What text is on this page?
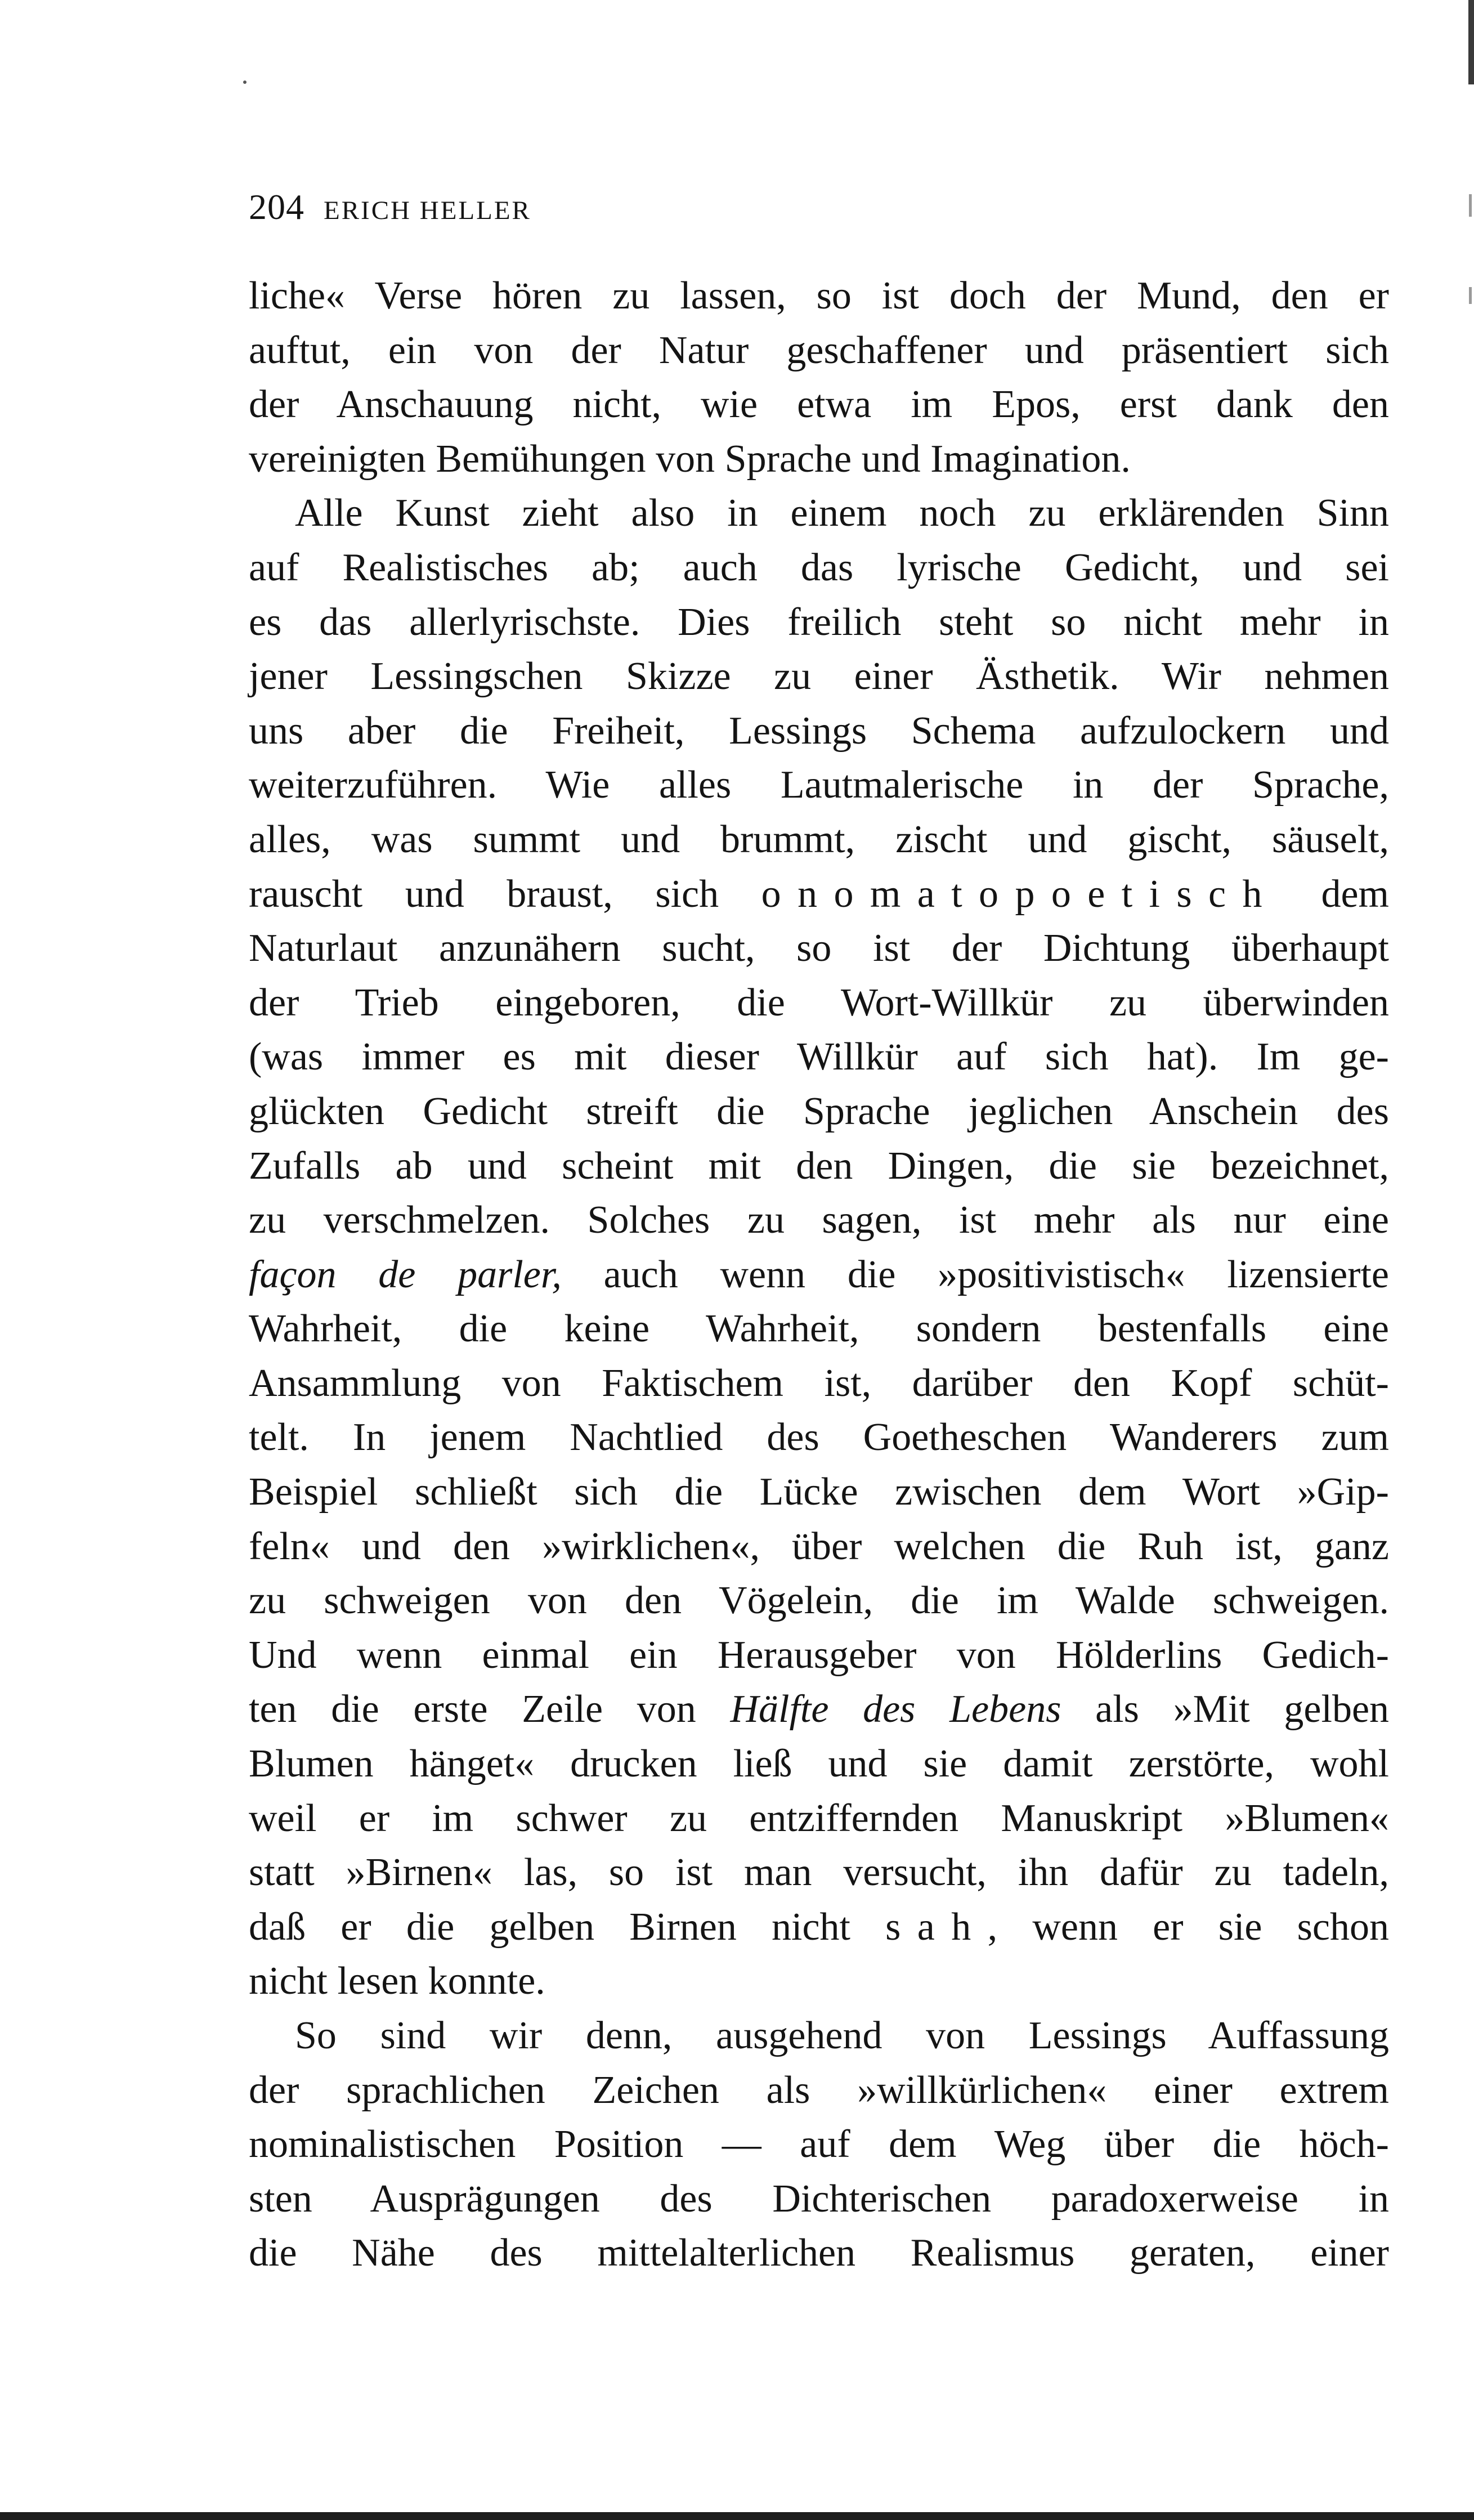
204 ERICH HELLER
liche« Verse hören zu lassen, so ist doch der Mund, den er
auftut, ein von der Natur geschaffener und präsentiert sich
der Anschauung nicht, wie etwa im Epos, erst dank den
vereinigten Bemühungen von Sprache und Imagination.
Alle Kunst zieht also in einem noch zu erklärenden Sinn
auf Realistisches ab; auch das lyrische Gedicht, und sei
es das allerlyrischste. Dies freilich steht so nicht mehr in
jener Lessingschen Skizze zu einer Ästhetik. Wir nehmen
uns aber die Freiheit, Lessings Schema aufzulockern und
weiterzuführen. Wie alles Lautmalerische in der Sprache,
alles, was summt und brummt, zischt und gischt, säuselt,
rauscht und braust, sich onomatopoetisch dem
Naturlaut anzunähern sucht, so ist der Dichtung überhaupt
der Trieb eingeboren, die Wort-Willkür zu überwinden
(was immer es mit dieser Willkür auf sich hat). Im ge-
glückten Gedicht streift die Sprache jeglichen Anschein des
Zufalls ab und scheint mit den Dingen, die sie bezeichnet,
zu verschmelzen. Solches zu sagen, ist mehr als nur eine
façon de parler, auch wenn die »positivistisch« lizensierte
Wahrheit, die keine Wahrheit, sondern bestenfalls eine
Ansammlung von Faktischem ist, darüber den Kopf schüt-
telt. In jenem Nachtlied des Goetheschen Wanderers zum
Beispiel schließt sich die Lücke zwischen dem Wort »Gip-
feln« und den »wirklichen«, über welchen die Ruh ist, ganz
zu schweigen von den Vögelein, die im Walde schweigen.
Und wenn einmal ein Herausgeber von Hölderlins Gedich-
ten die erste Zeile von Hälfte des Lebens als »Mit gelben
Blumen hänget« drucken ließ und sie damit zerstörte, wohl
weil er im schwer zu entziffernden Manuskript »Blumen«
statt »Birnen« las, so ist man versucht, ihn dafür zu tadeln,
daß er die gelben Birnen nicht sah, wenn er sie schon
nicht lesen konnte.
So sind wir denn, ausgehend von Lessings Auffassung
der sprachlichen Zeichen als »willkürlichen« einer extrem
nominalistischen Position — auf dem Weg über die höch-
sten Ausprägungen des Dichterischen paradoxerweise in
die Nähe des mittelalterlichen Realismus geraten, einer
